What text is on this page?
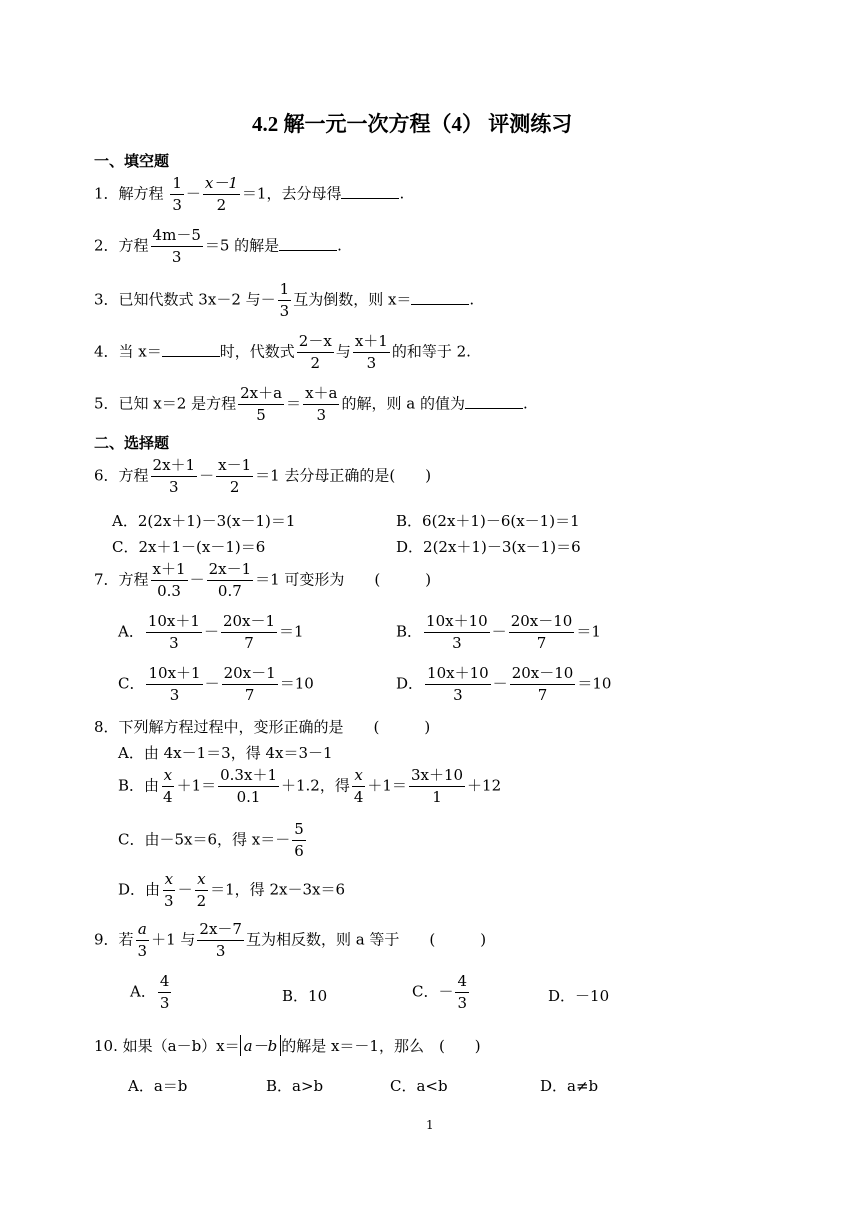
4.2 解一元一次方程（4） 评测练习
一、填空题
1．解方程 $\frac{1}{3} - \frac{x-1}{2} =1$，去分母得	.
2．方程 $\frac{4m-5}{3} =5$ 的解是	.
3．已知代数式 3x－2 与－ $\frac{1}{3}$ 互为倒数，则 x＝	.
4．当 x＝	时，代数式 $\frac{2-x}{2}$ 与 $\frac{x+1}{3}$ 的和等于 2.
5．已知 x＝2 是方程 $\frac{2x+a}{5} = \frac{x+a}{3}$ 的解，则 a 的值为	.
二、选择题
6．方程 $\frac{2x+1}{3} - \frac{x-1}{2} =1$ 去分母正确的是(　　)
A．2(2x＋1)－3(x－1)＝1	B．6(2x＋1)－6(x－1)＝1
C．2x＋1－(x－1)＝6	D．2(2x＋1)－3(x－1)＝6
7．方程 $\frac{x+1}{0.3} - \frac{2x-1}{0.7} =1$ 可变形为　　(　　　)
A． $\frac{10x+1}{3} - \frac{20x-1}{7} =1$	B． $\frac{10x+10}{3} - \frac{20x-10}{7} =1$
C． $\frac{10x+1}{3} - \frac{20x-1}{7} =10$	D． $\frac{10x+10}{3} - \frac{20x-10}{7} =10$
8．下列解方程过程中，变形正确的是　　(　　　)
A．由 4x－1＝3，得 4x＝3－1
B．由 $\frac{x}{4} +1= \frac{0.3x+1}{0.1} +1.2$，得 $\frac{x}{4} +1= \frac{3x+10}{1} +12$
C．由－5x＝6，得 $x=- \frac{5}{6}$
D．由 $\frac{x}{3} - \frac{x}{2} =1$，得 2x－3x＝6
9．若 $\frac{a}{3} +1$ 与 $\frac{2x-7}{3}$ 互为相反数，则 a 等于　　(　　　)
A． $\frac{4}{3}$	B．10	C．－ $\frac{4}{3}$	D．－10
10. 如果（a－b）x＝ a－b 的解是 x＝－1，那么　(　　)
A．a＝b	B．a>b	C．a<b	D．a≠b
1
